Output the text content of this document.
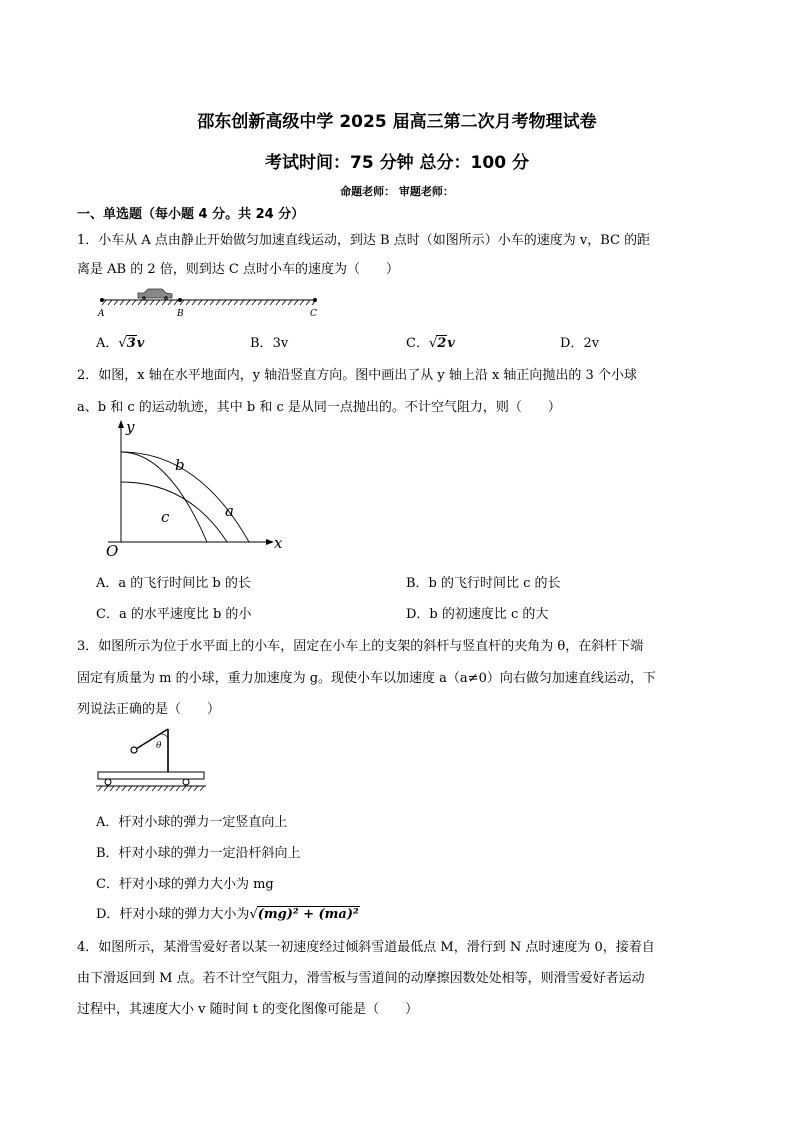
邵东创新高级中学 2025 届高三第二次月考物理试卷
考试时间：75 分钟 总分：100 分
命题老师： 审题老师：
一、单选题（每小题 4 分。共 24 分）
1．小车从 A 点由静止开始做匀加速直线运动，到达 B 点时（如图所示）小车的速度为 v，BC 的距
离是 AB 的 2 倍，则到达 C 点时小车的速度为（　　）
A	B	C
A．√3v	B．3v	C．√2v	D．2v
2．如图，x 轴在水平地面内，y 轴沿竖直方向。图中画出了从 y 轴上沿 x 轴正向抛出的 3 个小球
a、b 和 c 的运动轨迹，其中 b 和 c 是从同一点抛出的。不计空气阻力，则（　　）
y
x
O
b
c	a
A．a 的飞行时间比 b 的长	B．b 的飞行时间比 c 的长
C．a 的水平速度比 b 的小	D．b 的初速度比 c 的大
3．如图所示为位于水平面上的小车，固定在小车上的支架的斜杆与竖直杆的夹角为 θ，在斜杆下端
固定有质量为 m 的小球，重力加速度为 g。现使小车以加速度 a（a≠0）向右做匀加速直线运动，下
列说法正确的是（　　）
θ
A．杆对小球的弹力一定竖直向上
B．杆对小球的弹力一定沿杆斜向上
C．杆对小球的弹力大小为 mg
D．杆对小球的弹力大小为√(mg)² + (ma)²
4．如图所示，某滑雪爱好者以某一初速度经过倾斜雪道最低点 M，滑行到 N 点时速度为 0，接着自
由下滑返回到 M 点。若不计空气阻力，滑雪板与雪道间的动摩擦因数处处相等，则滑雪爱好者运动
过程中，其速度大小 v 随时间 t 的变化图像可能是（　　）
